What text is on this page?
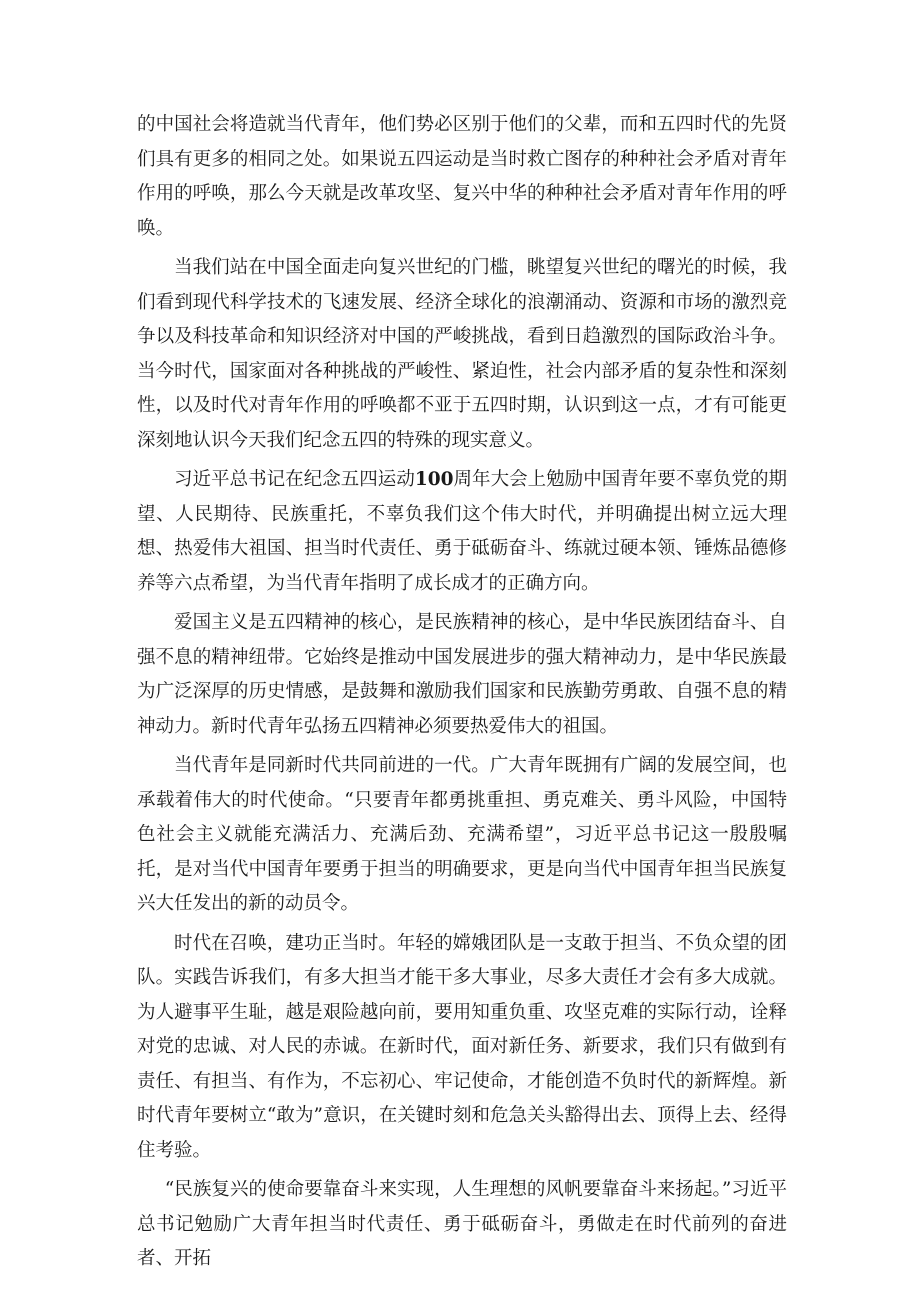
的中国社会将造就当代青年，他们势必区别于他们的父辈，而和五四时代的先贤们具有更多的相同之处。如果说五四运动是当时救亡图存的种种社会矛盾对青年作用的呼唤，那么今天就是改革攻坚、复兴中华的种种社会矛盾对青年作用的呼唤。

当我们站在中国全面走向复兴世纪的门槛，眺望复兴世纪的曙光的时候，我们看到现代科学技术的飞速发展、经济全球化的浪潮涌动、资源和市场的激烈竞争以及科技革命和知识经济对中国的严峻挑战，看到日趋激烈的国际政治斗争。当今时代，国家面对各种挑战的严峻性、紧迫性，社会内部矛盾的复杂性和深刻性，以及时代对青年作用的呼唤都不亚于五四时期，认识到这一点，才有可能更深刻地认识今天我们纪念五四的特殊的现实意义。

习近平总书记在纪念五四运动100周年大会上勉励中国青年要不辜负党的期望、人民期待、民族重托，不辜负我们这个伟大时代，并明确提出树立远大理想、热爱伟大祖国、担当时代责任、勇于砥砺奋斗、练就过硬本领、锤炼品德修养等六点希望，为当代青年指明了成长成才的正确方向。

爱国主义是五四精神的核心，是民族精神的核心，是中华民族团结奋斗、自强不息的精神纽带。它始终是推动中国发展进步的强大精神动力，是中华民族最为广泛深厚的历史情感，是鼓舞和激励我们国家和民族勤劳勇敢、自强不息的精神动力。新时代青年弘扬五四精神必须要热爱伟大的祖国。

当代青年是同新时代共同前进的一代。广大青年既拥有广阔的发展空间，也承载着伟大的时代使命。“只要青年都勇挑重担、勇克难关、勇斗风险，中国特色社会主义就能充满活力、充满后劲、充满希望”，习近平总书记这一殷殷嘱托，是对当代中国青年要勇于担当的明确要求，更是向当代中国青年担当民族复兴大任发出的新的动员令。

时代在召唤，建功正当时。年轻的嫦娥团队是一支敢于担当、不负众望的团队。实践告诉我们，有多大担当才能干多大事业，尽多大责任才会有多大成就。为人避事平生耻，越是艰险越向前，要用知重负重、攻坚克难的实际行动，诠释对党的忠诚、对人民的赤诚。在新时代，面对新任务、新要求，我们只有做到有责任、有担当、有作为，不忘初心、牢记使命，才能创造不负时代的新辉煌。新时代青年要树立“敢为”意识，在关键时刻和危急关头豁得出去、顶得上去、经得住考验。

“民族复兴的使命要靠奋斗来实现，人生理想的风帆要靠奋斗来扬起。”习近平总书记勉励广大青年担当时代责任、勇于砥砺奋斗，勇做走在时代前列的奋进者、开拓
